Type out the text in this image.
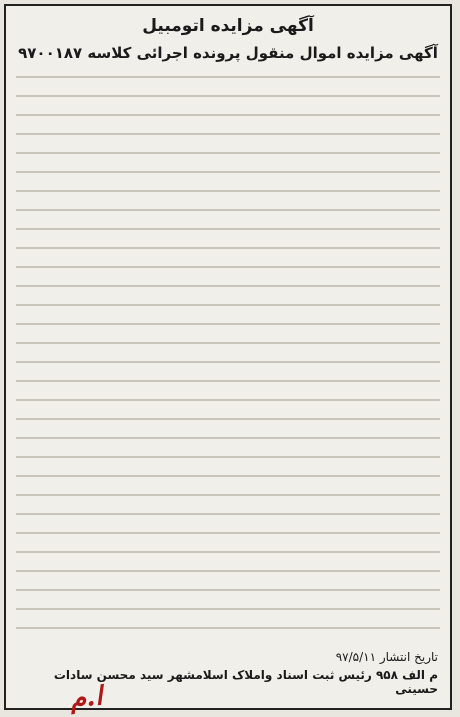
آگهی مزایده اتومبیل
آگهی مزایده اموال منقول پرونده اجرائی کلاسه ۹۷۰۰۱۸۷
تاریخ انتشار ۹۷/۵/۱۱
م الف ۹۵۸ رئیس ثبت اسناد واملاک اسلامشهر سید محسن سادات حسینی
ا.م
